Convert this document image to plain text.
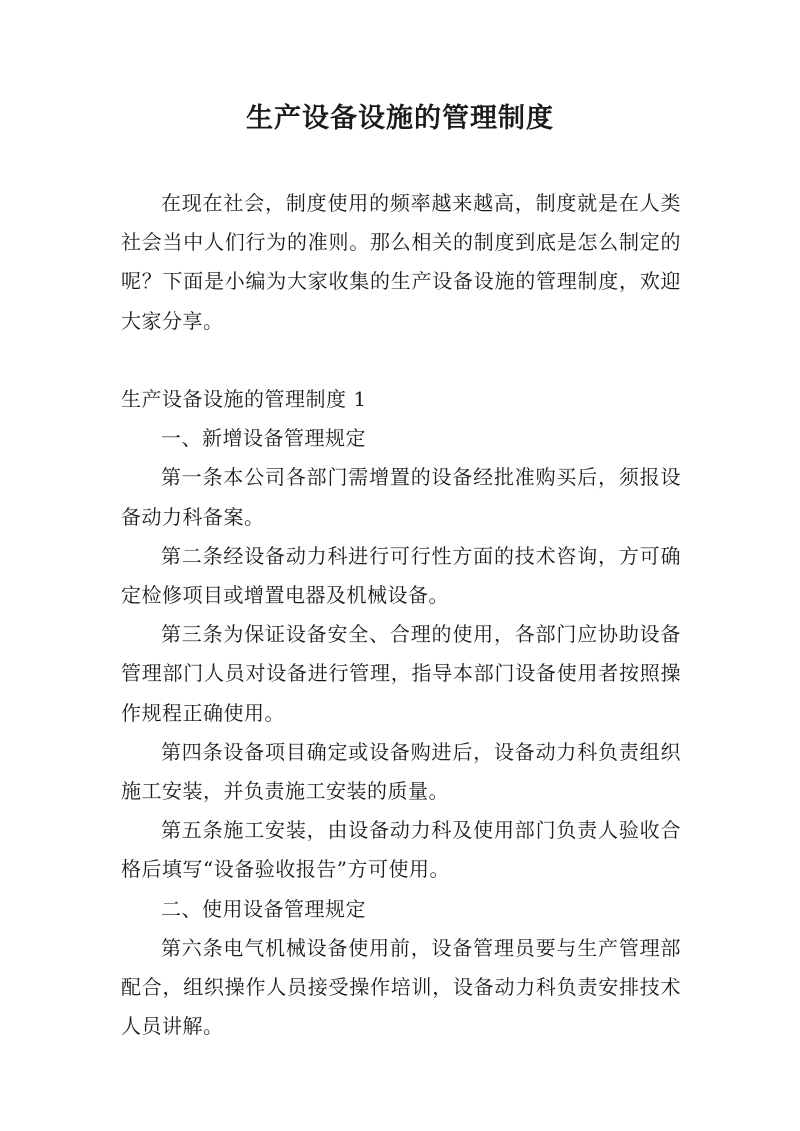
生产设备设施的管理制度

在现在社会，制度使用的频率越来越高，制度就是在人类社会当中人们行为的准则。那么相关的制度到底是怎么制定的呢？下面是小编为大家收集的生产设备设施的管理制度，欢迎大家分享。

生产设备设施的管理制度 1

一、新增设备管理规定

第一条本公司各部门需增置的设备经批准购买后，须报设备动力科备案。

第二条经设备动力科进行可行性方面的技术咨询，方可确定检修项目或增置电器及机械设备。

第三条为保证设备安全、合理的使用，各部门应协助设备管理部门人员对设备进行管理，指导本部门设备使用者按照操作规程正确使用。

第四条设备项目确定或设备购进后，设备动力科负责组织施工安装，并负责施工安装的质量。

第五条施工安装，由设备动力科及使用部门负责人验收合格后填写“设备验收报告”方可使用。

二、使用设备管理规定

第六条电气机械设备使用前，设备管理员要与生产管理部配合，组织操作人员接受操作培训，设备动力科负责安排技术人员讲解。
